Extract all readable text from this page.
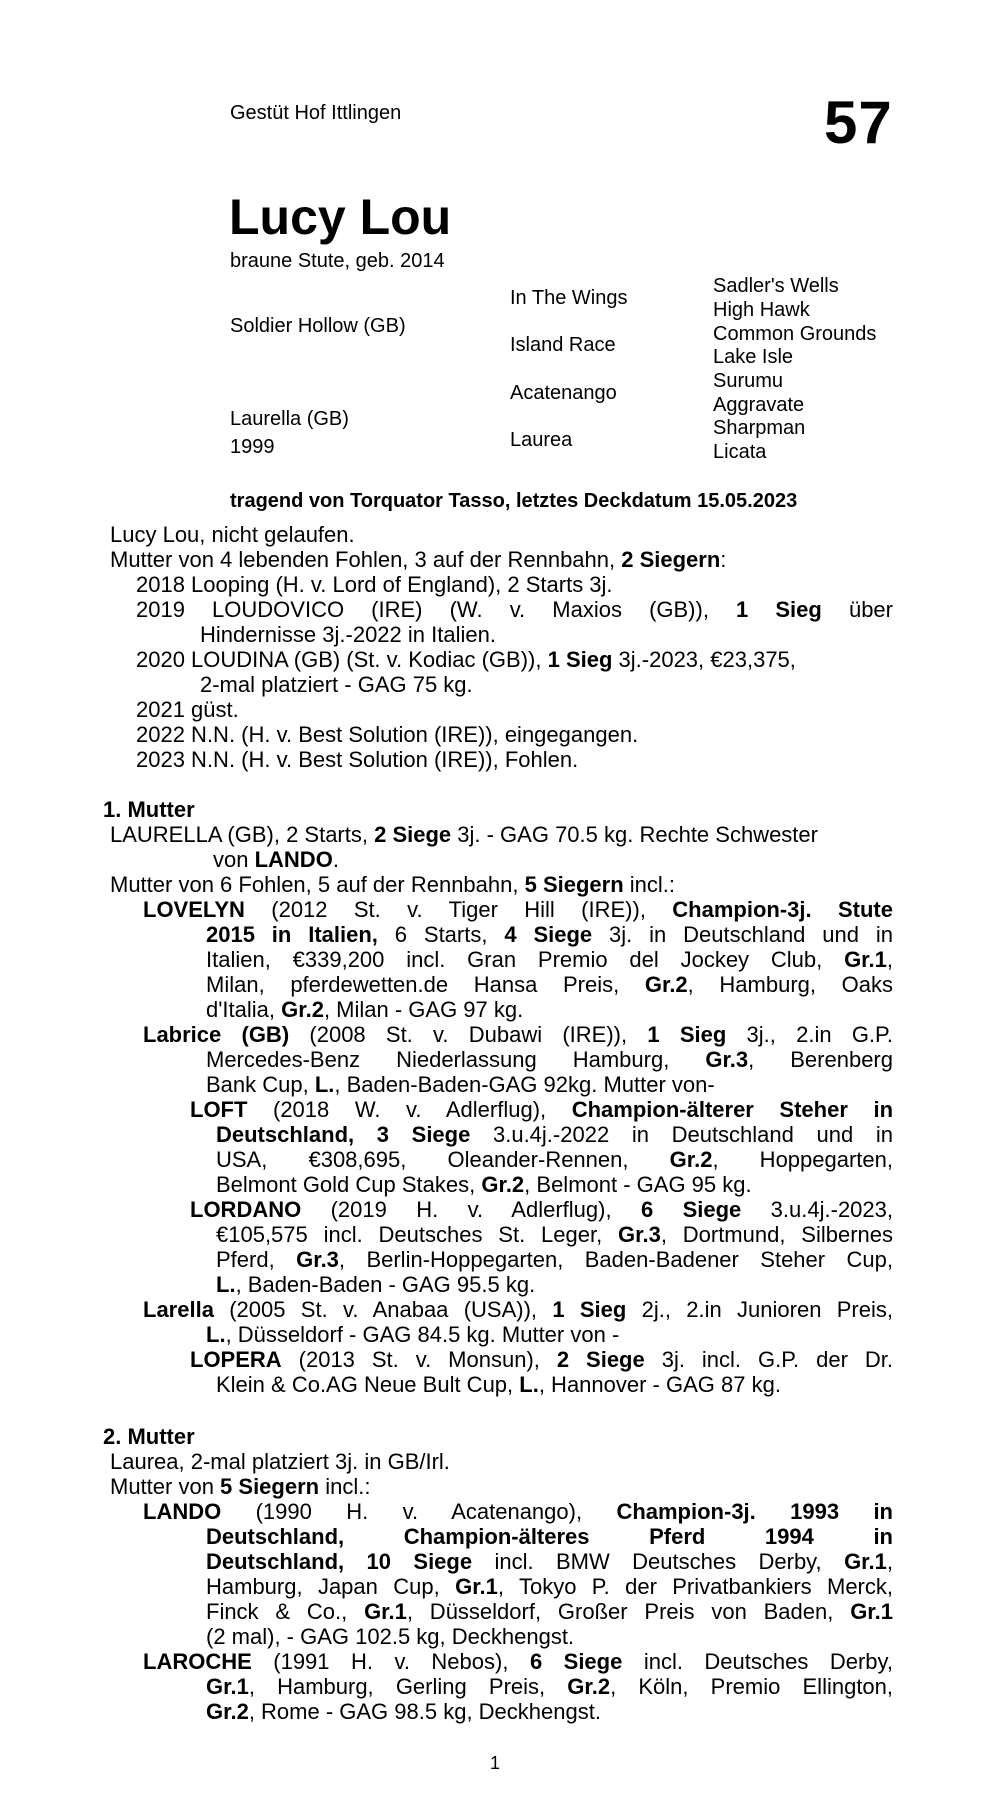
Gestüt Hof Ittlingen	57
Lucy Lou
braune Stute, geb. 2014
Soldier Hollow (GB)
Laurella (GB)
1999
In The Wings
Island Race
Acatenango
Laurea
Sadler's Wells
High Hawk
Common Grounds
Lake Isle
Surumu
Aggravate
Sharpman
Licata
tragend von Torquator Tasso, letztes Deckdatum 15.05.2023
Lucy Lou, nicht gelaufen.
Mutter von 4 lebenden Fohlen, 3 auf der Rennbahn, 2 Siegern:
2018 Looping (H. v. Lord of England), 2 Starts 3j.
2019 LOUDOVICO (IRE) (W. v. Maxios (GB)), 1 Sieg über
Hindernisse 3j.-2022 in Italien.
2020 LOUDINA (GB) (St. v. Kodiac (GB)), 1 Sieg 3j.-2023, €23,375,
2-mal platziert - GAG 75 kg.
2021 güst.
2022 N.N. (H. v. Best Solution (IRE)), eingegangen.
2023 N.N. (H. v. Best Solution (IRE)), Fohlen.
1. Mutter
LAURELLA (GB), 2 Starts, 2 Siege 3j. - GAG 70.5 kg. Rechte Schwester
von LANDO.
Mutter von 6 Fohlen, 5 auf der Rennbahn, 5 Siegern incl.:
LOVELYN (2012 St. v. Tiger Hill (IRE)), Champion-3j. Stute
2015 in Italien, 6 Starts, 4 Siege 3j. in Deutschland und in
Italien, €339,200 incl. Gran Premio del Jockey Club, Gr.1,
Milan, pferdewetten.de Hansa Preis, Gr.2, Hamburg, Oaks
d'Italia, Gr.2, Milan - GAG 97 kg.
Labrice (GB) (2008 St. v. Dubawi (IRE)), 1 Sieg 3j., 2.in G.P.
Mercedes-Benz Niederlassung Hamburg, Gr.3, Berenberg
Bank Cup, L., Baden-Baden-GAG 92kg. Mutter von-
LOFT (2018 W. v. Adlerflug), Champion-älterer Steher in
Deutschland, 3 Siege 3.u.4j.-2022 in Deutschland und in
USA, €308,695, Oleander-Rennen, Gr.2, Hoppegarten,
Belmont Gold Cup Stakes, Gr.2, Belmont - GAG 95 kg.
LORDANO (2019 H. v. Adlerflug), 6 Siege 3.u.4j.-2023,
€105,575 incl. Deutsches St. Leger, Gr.3, Dortmund, Silbernes
Pferd, Gr.3, Berlin-Hoppegarten, Baden-Badener Steher Cup,
L., Baden-Baden - GAG 95.5 kg.
Larella (2005 St. v. Anabaa (USA)), 1 Sieg 2j., 2.in Junioren Preis,
L., Düsseldorf - GAG 84.5 kg. Mutter von -
LOPERA (2013 St. v. Monsun), 2 Siege 3j. incl. G.P. der Dr.
Klein & Co.AG Neue Bult Cup, L., Hannover - GAG 87 kg.
2. Mutter
Laurea, 2-mal platziert 3j. in GB/Irl.
Mutter von 5 Siegern incl.:
LANDO (1990 H. v. Acatenango), Champion-3j. 1993 in
Deutschland, Champion-älteres Pferd 1994 in
Deutschland, 10 Siege incl. BMW Deutsches Derby, Gr.1,
Hamburg, Japan Cup, Gr.1, Tokyo P. der Privatbankiers Merck,
Finck & Co., Gr.1, Düsseldorf, Großer Preis von Baden, Gr.1
(2 mal), - GAG 102.5 kg, Deckhengst.
LAROCHE (1991 H. v. Nebos), 6 Siege incl. Deutsches Derby,
Gr.1, Hamburg, Gerling Preis, Gr.2, Köln, Premio Ellington,
Gr.2, Rome - GAG 98.5 kg, Deckhengst.
1
